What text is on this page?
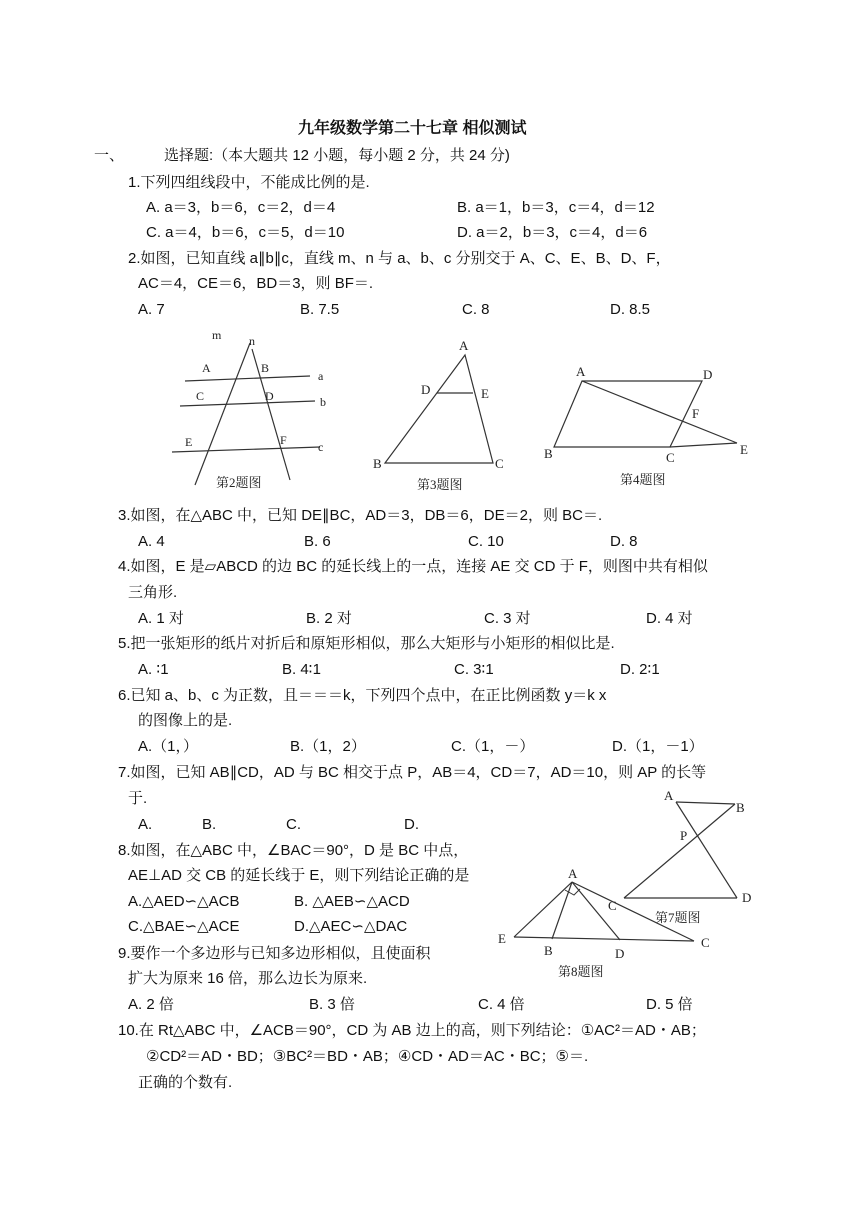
九年级数学第二十七章 相似测试
一、	选择题:（本大题共 12 小题，每小题 2 分，共 24 分)
1.下列四组线段中，不能成比例的是.
A. a＝3，b＝6，c＝2，d＝4	B. a＝1，b＝3，c＝4，d＝12
C. a＝4，b＝6，c＝5，d＝10	D. a＝2，b＝3，c＝4，d＝6
2.如图，已知直线 a∥b∥c，直线 m、n 与 a、b、c 分别交于 A、C、E、B、D、F，
AC＝4，CE＝6，BD＝3，则 BF＝.
A. 7	B. 7.5	C. 8	D. 8.5
m n
A	B
C	D
E	F
a
b
c
第2题图
A
B	C
D	E
第3题图
A	D
F
E
B	C
第4题图
3.如图，在△ABC 中，已知 DE∥BC，AD＝3，DB＝6，DE＝2，则 BC＝.
A. 4	B. 6	C. 10	D. 8
4.如图，E 是▱ABCD 的边 BC 的延长线上的一点，连接 AE 交 CD 于 F，则图中共有相似
三角形.
A. 1 对	B. 2 对	C. 3 对	D. 4 对
5.把一张矩形的纸片对折后和原矩形相似，那么大矩形与小矩形的相似比是.
A. ∶1	B. 4∶1	C. 3∶1	D. 2∶1
6.已知 a、b、c 为正数，且＝＝＝k，下列四个点中，在正比例函数 y＝k x
的图像上的是.
A.（1，）	B.（1，2）	C.（1，－）	D.（1，－1）
7.如图，已知 AB∥CD，AD 与 BC 相交于点 P，AB＝4，CD＝7，AD＝10，则 AP 的长等
于.
A.	B.	C.	D.
A
B
P
C
D
第7题图
8.如图，在△ABC 中，∠BAC＝90°，D 是 BC 中点，
AE⊥AD 交 CB 的延长线于 E，则下列结论正确的是
A.△AED∽△ACB	B. △AEB∽△ACD
C.△BAE∽△ACE	D.△AEC∽△DAC
A
E
B	D
C
第8题图
9.要作一个多边形与已知多边形相似，且使面积
扩大为原来 16 倍，那么边长为原来.
A. 2 倍	B. 3 倍	C. 4 倍	D. 5 倍
10.在 Rt△ABC 中，∠ACB＝90°，CD 为 AB 边上的高，则下列结论：①AC²＝AD・AB；
②CD²＝AD・BD；③BC²＝BD・AB；④CD・AD＝AC・BC；⑤＝.
正确的个数有.
